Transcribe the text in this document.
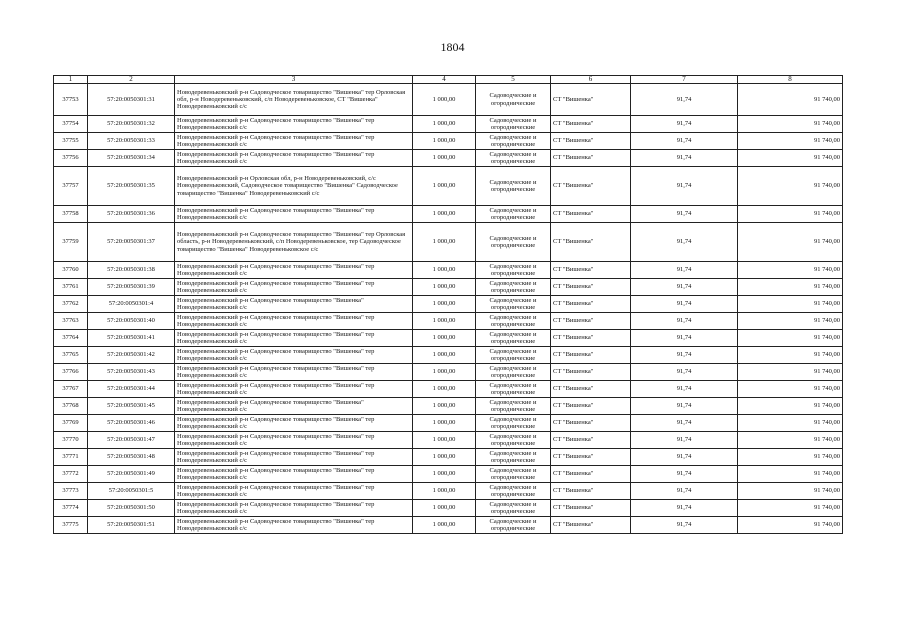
1804
1	2	3	4	5	6	7	8
37753	57:20:0050301:31	Новодеревеньковский р-н Садоводческое товарищество "Вишенка" тер Орловская обл, р-н Новодеревеньковский, с/п Новодеревеньковское, СТ "Вишенка" Новодеревеньковский с/с	1 000,00	Садоводческие и огороднические	СТ "Вишенка"	91,74	91 740,00
37754	57:20:0050301:32	Новодеревеньковский р-н Садоводческое товарищество "Вишенка" тер Новодеревеньковский с/с	1 000,00	Садоводческие и огороднические	СТ "Вишенка"	91,74	91 740,00
37755	57:20:0050301:33	Новодеревеньковский р-н Садоводческое товарищество "Вишенка" тер Новодеревеньковский с/с	1 000,00	Садоводческие и огороднические	СТ "Вишенка"	91,74	91 740,00
37756	57:20:0050301:34	Новодеревеньковский р-н Садоводческое товарищество "Вишенка" тер Новодеревеньковский с/с	1 000,00	Садоводческие и огороднические	СТ "Вишенка"	91,74	91 740,00
37757	57:20:0050301:35	Новодеревеньковский р-н Орловская обл, р-н Новодеревеньковский, с/с Новодеревеньковский, Садоводческое товарищество "Вишенка" Садоводческое товарищество "Вишенка" Новодеревеньковский с/с	1 000,00	Садоводческие и огороднические	СТ "Вишенка"	91,74	91 740,00
37758	57:20:0050301:36	Новодеревеньковский р-н Садоводческое товарищество "Вишенка" тер Новодеревеньковский с/с	1 000,00	Садоводческие и огороднические	СТ "Вишенка"	91,74	91 740,00
37759	57:20:0050301:37	Новодеревеньковский р-н Садоводческое товарищество "Вишенка" тер Орловская область, р-н Новодеревеньковский, с/п Новодеревеньковское, тер Садоводческое товарищество "Вишенка" Новодеревеньковское с/с	1 000,00	Садоводческие и огороднические	СТ "Вишенка"	91,74	91 740,00
37760	57:20:0050301:38	Новодеревеньковский р-н Садоводческое товарищество "Вишенка" тер Новодеревеньковский с/с	1 000,00	Садоводческие и огороднические	СТ "Вишенка"	91,74	91 740,00
37761	57:20:0050301:39	Новодеревеньковский р-н Садоводческое товарищество "Вишенка" тер Новодеревеньковский с/с	1 000,00	Садоводческие и огороднические	СТ "Вишенка"	91,74	91 740,00
37762	57:20:0050301:4	Новодеревеньковский р-н Садоводческое товарищество "Вишенка" Новодеревеньковский с/с	1 000,00	Садоводческие и огороднические	СТ "Вишенка"	91,74	91 740,00
37763	57:20:0050301:40	Новодеревеньковский р-н Садоводческое товарищество "Вишенка" тер Новодеревеньковский с/с	1 000,00	Садоводческие и огороднические	СТ "Вишенка"	91,74	91 740,00
37764	57:20:0050301:41	Новодеревеньковский р-н Садоводческое товарищество "Вишенка" тер Новодеревеньковский с/с	1 000,00	Садоводческие и огороднические	СТ "Вишенка"	91,74	91 740,00
37765	57:20:0050301:42	Новодеревеньковский р-н Садоводческое товарищество "Вишенка" тер Новодеревеньковский с/с	1 000,00	Садоводческие и огороднические	СТ "Вишенка"	91,74	91 740,00
37766	57:20:0050301:43	Новодеревеньковский р-н Садоводческое товарищество "Вишенка" тер Новодеревеньковский с/с	1 000,00	Садоводческие и огороднические	СТ "Вишенка"	91,74	91 740,00
37767	57:20:0050301:44	Новодеревеньковский р-н Садоводческое товарищество "Вишенка" тер Новодеревеньковский с/с	1 000,00	Садоводческие и огороднические	СТ "Вишенка"	91,74	91 740,00
37768	57:20:0050301:45	Новодеревеньковский р-н Садоводческое товарищество "Вишенка" Новодеревеньковский с/с	1 000,00	Садоводческие и огороднические	СТ "Вишенка"	91,74	91 740,00
37769	57:20:0050301:46	Новодеревеньковский р-н Садоводческое товарищество "Вишенка" тер Новодеревеньковский с/с	1 000,00	Садоводческие и огороднические	СТ "Вишенка"	91,74	91 740,00
37770	57:20:0050301:47	Новодеревеньковский р-н Садоводческое товарищество "Вишенка" тер Новодеревеньковский с/с	1 000,00	Садоводческие и огороднические	СТ "Вишенка"	91,74	91 740,00
37771	57:20:0050301:48	Новодеревеньковский р-н Садоводческое товарищество "Вишенка" тер Новодеревеньковский с/с	1 000,00	Садоводческие и огороднические	СТ "Вишенка"	91,74	91 740,00
37772	57:20:0050301:49	Новодеревеньковский р-н Садоводческое товарищество "Вишенка" тер Новодеревеньковский с/с	1 000,00	Садоводческие и огороднические	СТ "Вишенка"	91,74	91 740,00
37773	57:20:0050301:5	Новодеревеньковский р-н Садоводческое товарищество "Вишенка" тер Новодеревеньковский с/с	1 000,00	Садоводческие и огороднические	СТ "Вишенка"	91,74	91 740,00
37774	57:20:0050301:50	Новодеревеньковский р-н Садоводческое товарищество "Вишенка" тер Новодеревеньковский с/с	1 000,00	Садоводческие и огороднические	СТ "Вишенка"	91,74	91 740,00
37775	57:20:0050301:51	Новодеревеньковский р-н Садоводческое товарищество "Вишенка" тер Новодеревеньковский с/с	1 000,00	Садоводческие и огороднические	СТ "Вишенка"	91,74	91 740,00
